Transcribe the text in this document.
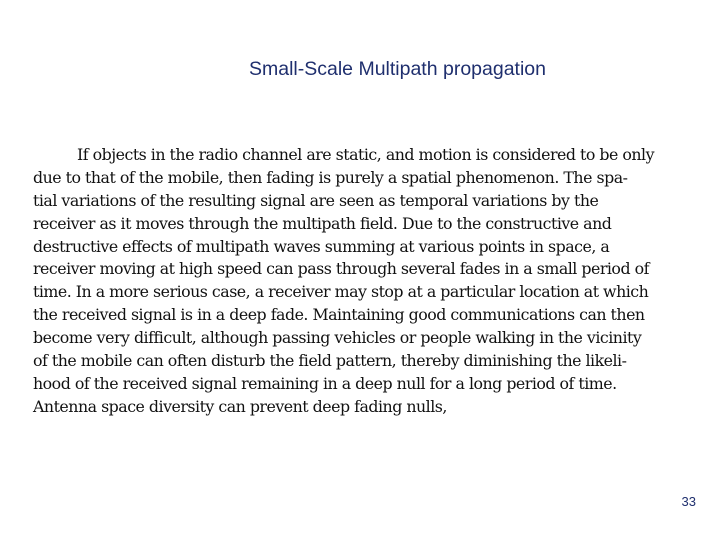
Small-Scale Multipath propagation
If objects in the radio channel are static, and motion is considered to be only
due to that of the mobile, then fading is purely a spatial phenomenon. The spa-
tial variations of the resulting signal are seen as temporal variations by the
receiver as it moves through the multipath field. Due to the constructive and
destructive effects of multipath waves summing at various points in space, a
receiver moving at high speed can pass through several fades in a small period of
time. In a more serious case, a receiver may stop at a particular location at which
the received signal is in a deep fade. Maintaining good communications can then
become very difficult, although passing vehicles or people walking in the vicinity
of the mobile can often disturb the field pattern, thereby diminishing the likeli-
hood of the received signal remaining in a deep null for a long period of time.
Antenna space diversity can prevent deep fading nulls,
33
